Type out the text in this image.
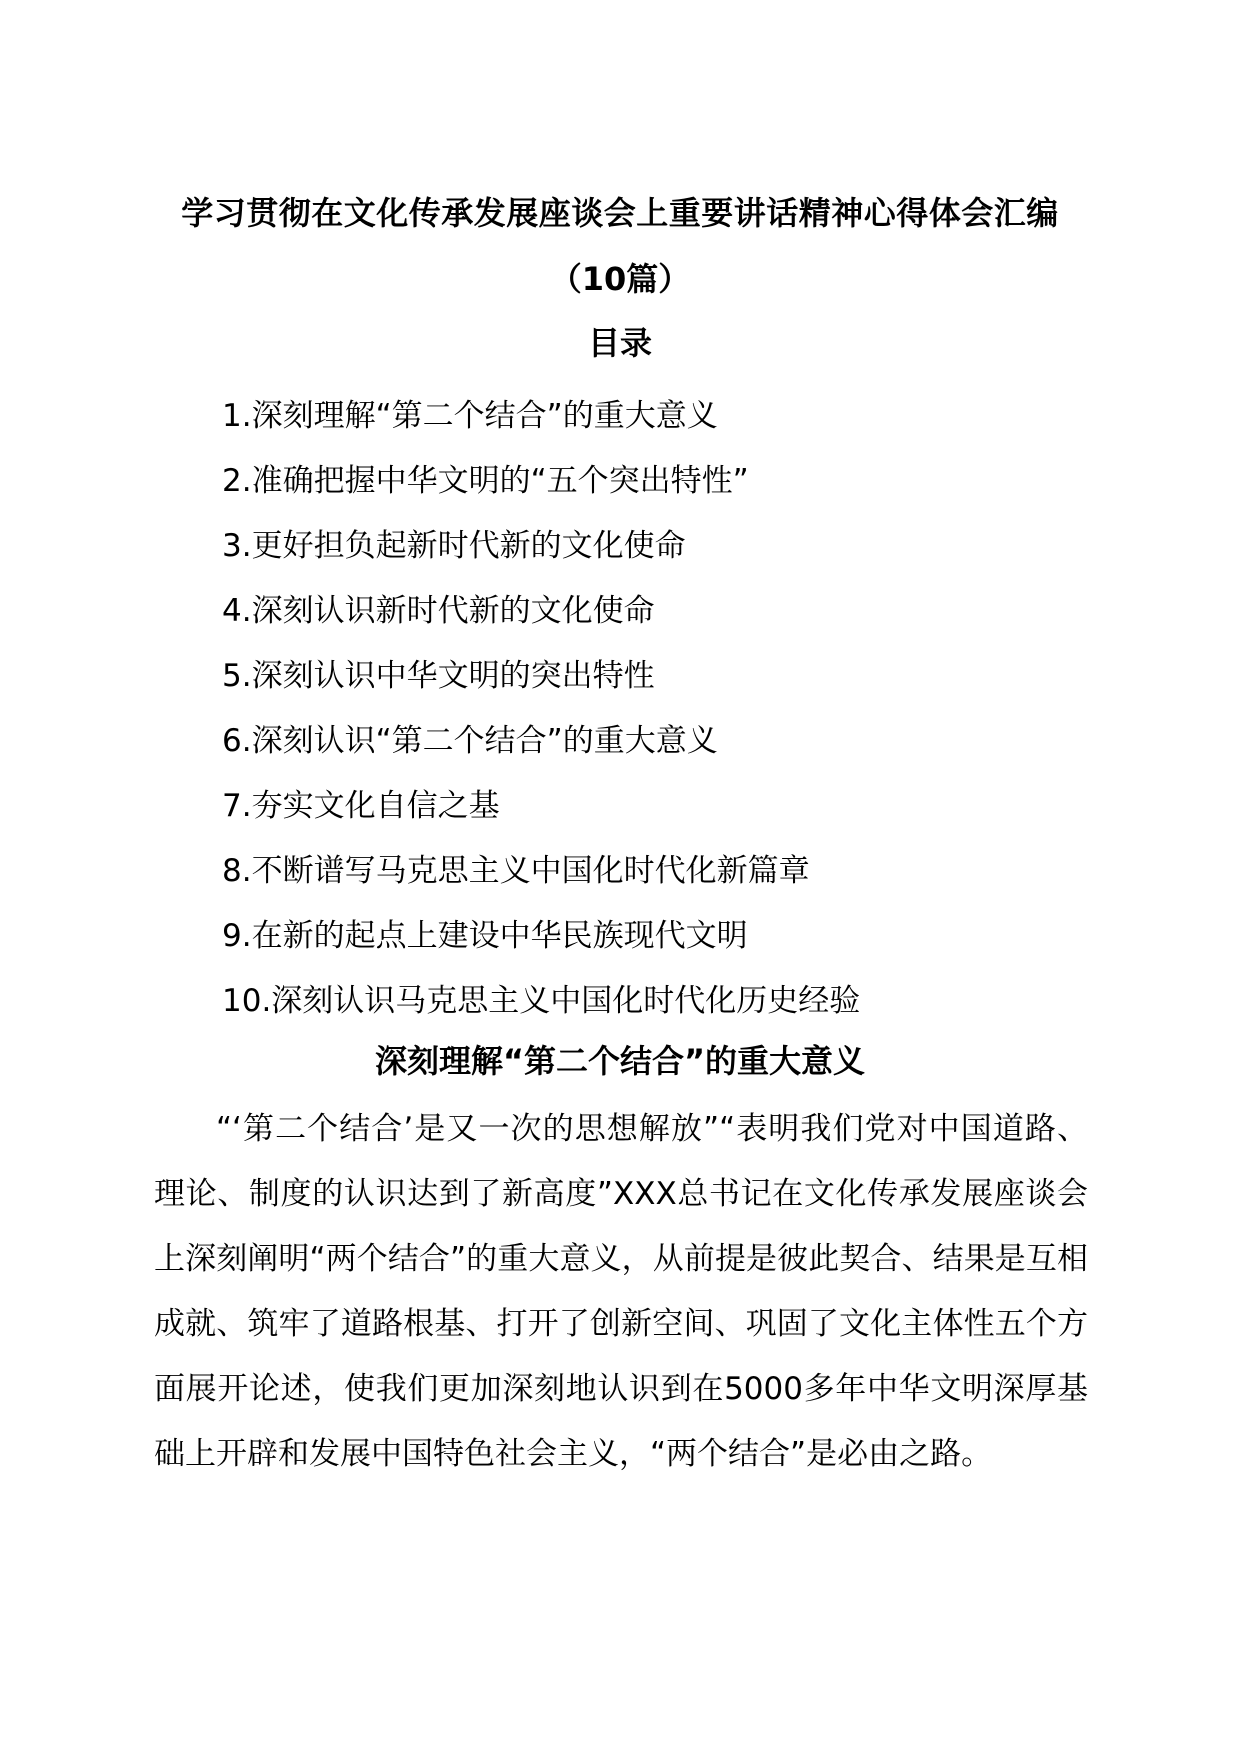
学习贯彻在文化传承发展座谈会上重要讲话精神心得体会汇编
（10篇）
目录
1.深刻理解“第二个结合”的重大意义
2.准确把握中华文明的“五个突出特性”
3.更好担负起新时代新的文化使命
4.深刻认识新时代新的文化使命
5.深刻认识中华文明的突出特性
6.深刻认识“第二个结合”的重大意义
7.夯实文化自信之基
8.不断谱写马克思主义中国化时代化新篇章
9.在新的起点上建设中华民族现代文明
10.深刻认识马克思主义中国化时代化历史经验
深刻理解“第二个结合”的重大意义

“‘第二个结合’是又一次的思想解放”“表明我们党对中国道路、理论、制度的认识达到了新高度”XXX总书记在文化传承发展座谈会上深刻阐明“两个结合”的重大意义，从前提是彼此契合、结果是互相成就、筑牢了道路根基、打开了创新空间、巩固了文化主体性五个方面展开论述，使我们更加深刻地认识到在5000多年中华文明深厚基础上开辟和发展中国特色社会主义，“两个结合”是必由之路。
